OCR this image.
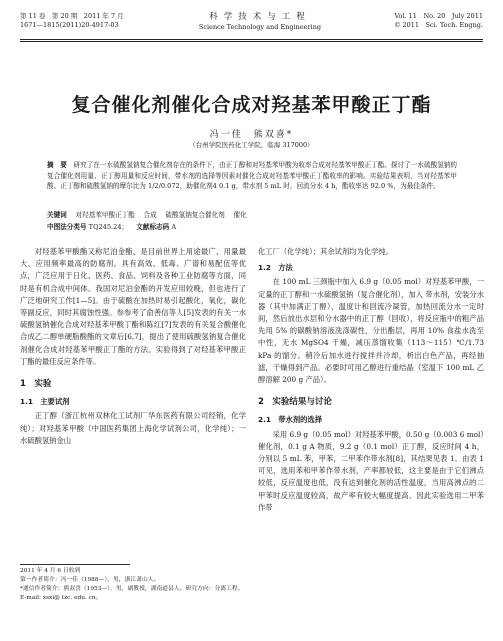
第 11 卷　第 20 期　2011 年 7 月
1671—1815(2011)20-4917-03
科学技术与工程
Science Technology and Engineering
Vol. 11　No. 20　July 2011
© 2011　Sci. Tech. Engng.
复合催化剂催化合成对羟基苯甲酸正丁酯
冯一佳　熊双喜*
（台州学院医药化工学院，临海 317000）
摘　要　 研究了在一水硫酸氢钠复合催化剂存在的条件下，由正丁醇和对羟基苯甲酸为收率合成对羟基苯甲酸正丁酯。探讨了一水硫酸氢钠的复合催化剂用量、正丁醇用量和反应时间，带水剂的选择等因素对催化合成对羟基苯甲酸正丁酯收率的影响。实验结果表明，当对羟基苯甲酸、正丁醇和硫酸氢钠的摩尔比为 1/2/0.072，助催化剂4 0.1 g，带水剂 5 mL 时，回流分水 4 h，酯收率达 92.0 %，为最佳条件。
关键词　 对羟基苯甲酸正丁酯　 合成　 硫酸氢钠复合催化剂　 催化
中图法分类号 TQ245.24； 文献标志码 A

对羟基苯甲酸酯又称尼泊金酯，是目前世界上用途最广、用量最大、应用频率最高的防腐剂。具有高效、低毒、广谱和易配伍等优点，广泛应用于日化、医药、食品、饲料及各种工业防腐等方面，同时是有机合成中间体。我国对尼泊金酯的开发应用较晚，但也进行了广泛地研究工作[1—5]。由于硫酸在加热时易引起酸化，氧化，碳化等副反应，同时其腐蚀性强。参参考了俞善信等人[5]发表的有关一水硫酸氢钠催化合成对羟基苯甲酸丁酯和陈红[7]发表的有关复合酸催化合成乙二醇单硬脂酸酯的文章后[6,7]，提出了使用硫酸氢钠复合催化剂催化合成对羟基苯甲酸正丁酯的方法。实验得到了对羟基苯甲酸正丁酯的最佳反应条件等。

1　实验
1.1　主要试剂

正丁醇（浙江杭州双林化工试剂厂华东医药有限公司经销，化学纯）；对羟基苯甲酸（中国医药集团上海化学试剂公司，化学纯）；一水硫酸氢钠金山

化工厂（化学纯）；其余试剂均为化学纯。

1.2　方法

在 100 mL 三颈瓶中加入 6.9 g（0.05 mol）对羟基苯甲酸，一定量的正丁醇和一水硫酸氢钠（复合催化剂），加入 带水剂，安装分水器（其中加满正丁醇），温度计和回流冷凝管，加热回流分水一定时间，然后放出水层和分水器中的正丁醇（回收），将反应瓶中的粗产品先用 5% 的碳酸钠溶液洗涤碳性，分出酯层，再用 10% 食盐水洗至中性，无水 MgSO4 干燥，减压蒸馏收集（113～115）℃/1.73 kPa 的馏分。稍冷后加水进行搅拌并冷却，析出白色产品，再经抽滤，干燥得到产品。必要时可用乙醇进行重结晶（室温下 100 mL 乙醇溶解 200 g 产品）。

2　实验结果与讨论
2.1　带水剂的选择

采用 6.9 g（0.05 mol）对羟基苯甲酸，0.50 g（0.003 6 mol）催化剂，0.1 g A 物质，9.2 g（0.1 mol）正丁醇，反应时间 4 h，分别以 5 mL 苯，甲苯，二甲苯作带水剂[8]，其结果见表 1。由表 1 可见，选用苯和甲苯作带水剂，产率都较低，这主要是由于它们沸点较低，反应温度也低，没有达到催化剂的活性温度，当用高沸点的二甲苯时反应温度较高，故产率有较大幅度提高。因此实验选用二甲苯作带

2011 年 4 月 6 日收到
第一作者简介：冯一佳（1988—），男，浙江萧山人。
*通信作者简介：熊双喜（1953—），男，副教授，湖南道县人。研究方向：分离工程。E-mail: xsxi@ tzc. edu. cn。
